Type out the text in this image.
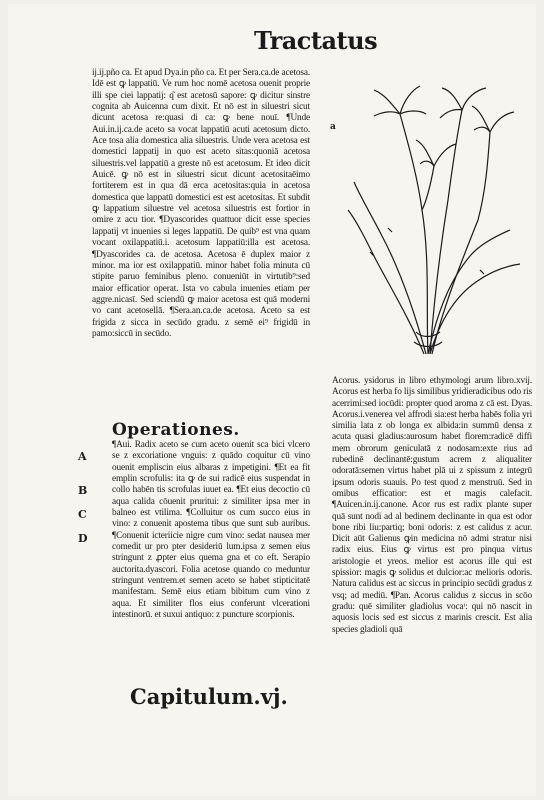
Tractatus

ij.ij.pño ca. Et apud Dya.in pño ca. Et per Sera.ca.de acetosa. Idē est ꝙ lappatiū. Ve rum hoc nomē acetosa ouenit proprie illi spe ciei lappatij: q͂ est acetosū sapore: ꝙ dicitur sinstre cognita ab Auicenna cum dixit. Et nō est in siluestri sicut dicunt acetosa re:quasi di ca: ꝙ bene nouī. ¶Unde Aui.in.ij.ca.de aceto sa vocat lappatiū acuti acetosum dicto. Ace tosa alia domestica alia siluestris. Unde vera acetosa est domestici lappatij in quo est aceto sitas:quoniā acetosa siluestris.vel lappatiū a greste nō est acetosum. Et ideo dicit Auicē. ꝙ nō est in siluestri sicut dicunt acetositaēimo fortiterem est in qua dā erca acetositas:quia in acetosa domestica que lappatū domestici est est acetositas. Et subdit ꝙ lappatium siluestre vel acetosa siluestris est fortior in omire z acu tior. ¶Dyascorides quattuor dicit esse species lappatij vt inuenies si leges lappatiū. De quib⁹ est vna quam vocant oxilappatiū.i. acetosum lappatiū:illa est acetosa. ¶Dyascorides ca. de acetosa. Acetosa ē duplex maior z minor. ma ior est oxilappatiū. minor habet folia minuta cū stipite paruo feminibus pleno. conueniūt in virtutib⁹:sed maior efficatior operat. Ista vo cabula inuenies etiam per aggre.nicasī. Sed sciendū ꝙ maior acetosa est quā moderni vo cant acetosellā. ¶Sera.an.ca.de acetosa. Aceto sa est frigida z sicca in secūdo gradu. z semē ei⁹ frigidū in pamo:siccū in secūdo.

a

Acorus. ysidorus in libro ethymologi arum libro.xvij. Acorus est herba fo lijs similibus yridieradicibus odo ris acerrimi:sed iocūdi: propter quod aroma z cā est. Dyas. Acorus.i.venerea vel affrodi sia:est herba habēs folia yri similia lata z ob longa ex albida:in summū densa z acuta quasi gladius:aurosum habet florem:radicē diffi mem obrorum geniculatā z nodosam:exte rius ad rubedinē declinantē:gustum acrem z aliqualiter odoratā:semen virtus habet plā ui z spissum z integrū ipsum odoris suauis. Po test quod z menstruū. Sed in omibus efficatior: est et magis calefacit. ¶Auicen.in.ij.canone. Acor rus est radix plante super quā sunt nodi ad al bedinem declinante in qua est odor bone ribi liu:partiq; boni odoris: z est calidus z acur. Dicit aūt Galienus ꝙin medicina nō admi stratur nisi radix eius. Eius ꝙ virtus est pro pinqua virtus aristologie et yreos. melior est acorus ille qui est spissior: magis ꝙ solidus et dulcior:ac melioris odoris. Natura calidus est ac siccus in principio secūdi gradus z vsq; ad mediū. ¶Pan. Acorus calidus z siccus in scōo gradu: quē similiter gladiolus vocaᵗ: qui nō nascit in aquosis locis sed est siccus z marinis crescit. Est alia species gladioli quā

Operationes.
A
B
C
D

¶Aui. Radix aceto se cum aceto ouenit sca bici vlcero se z excoriatione vnguis: z quādo coquitur cū vino ouenit empliscin eius albaras z impetigini. ¶Et ea fit emplin scrofulis: ita ꝙ de sui radicē eius suspendat in collo habēn tis scrofulas iuuet ea. ¶Et eius decoctio cū aqua calida cōuenit pruritui: z similiter ipsa mer in balneo est vtilima. ¶Colluitur os cum succo eius in vino: z conuenit apostema tibus que sunt sub auribus. ¶Conuenit icteriicie nigre cum vino: sedat nausea mer comedit ur pro pter desideriū lum.ipsa z semen eius stringunt z ꝓpter eius quema gna et co eft. Serapio auctorita.dyascori. Folia acetose quando co meduntur stringunt ventrem.et semen aceto se habet stipticitatē manifestam. Semē eius etiam bibitum cum vino z aqua. Et similiter flos eius conferunt vlcerationi intestinorū. et suxui antiquo: z puncture scorpionis.

Capitulum.vj.
